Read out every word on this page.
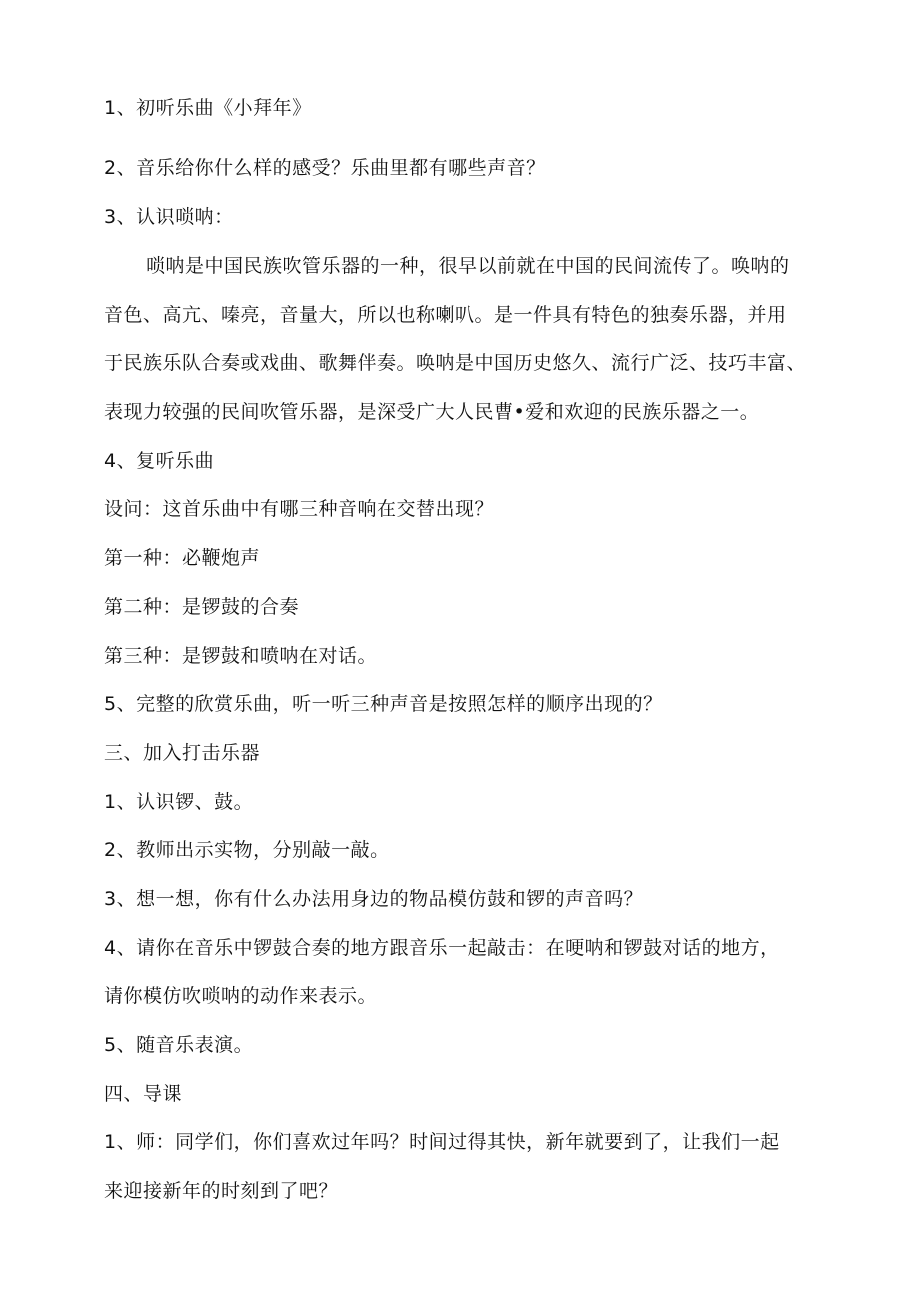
1、初听乐曲《小拜年》
2、音乐给你什么样的感受？乐曲里都有哪些声音？
3、认识唢呐：
唢呐是中国民族吹管乐器的一种，很早以前就在中国的民间流传了。唤呐的
音色、高亢、嗪亮，音量大，所以也称喇叭。是一件具有特色的独奏乐器，并用
于民族乐队合奏或戏曲、歌舞伴奏。唤呐是中国历史悠久、流行广泛、技巧丰富、
表现力较强的民间吹管乐器，是深受广大人民曹•爱和欢迎的民族乐器之一。
4、复听乐曲
设问：这首乐曲中有哪三种音响在交替出现？
第一种：必鞭炮声
第二种：是锣鼓的合奏
第三种：是锣鼓和喷呐在对话。
5、完整的欣赏乐曲，听一听三种声音是按照怎样的顺序出现的？
三、加入打击乐器
1、认识锣、鼓。
2、教师出示实物，分别敲一敲。
3、想一想，你有什么办法用身边的物品模仿鼓和锣的声音吗？
4、请你在音乐中锣鼓合奏的地方跟音乐一起敲击：在哽呐和锣鼓对话的地方，
请你模仿吹唢呐的动作来表示。
5、随音乐表演。
四、导课
1、师：同学们，你们喜欢过年吗？时间过得其快，新年就要到了，让我们一起
来迎接新年的时刻到了吧？
